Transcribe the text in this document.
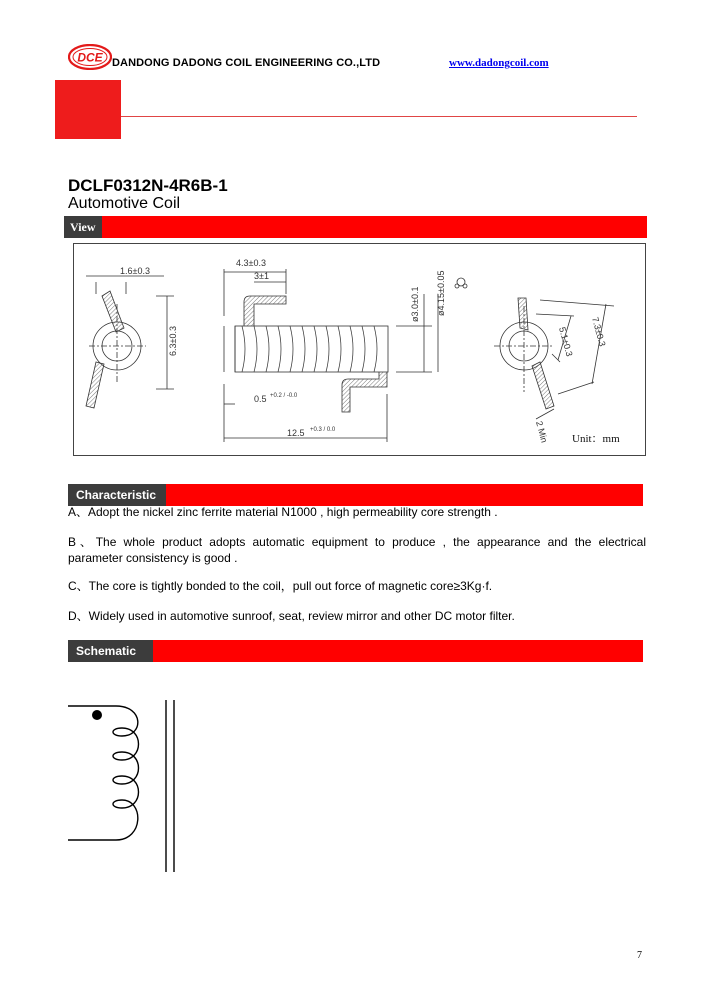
DCE DANDONG DADONG COIL ENGINEERING CO.,LTD	www.dadongcoil.com
DCLF0312N-4R6B-1
Automotive Coil
View
1.6±0.3
6.3±0.3
4.3±0.3
3±1
ø3.0±0.1 ø4.15±0.05
0.5 +0.2 / -0.0
12.5 +0.3 / 0.0
5.1±0.3 7.3±0.3
2 Min Unit：mm
Characteristic
A、Adopt the nickel zinc ferrite material N1000 , high permeability core strength .
B、The whole product adopts automatic equipment to produce , the appearance and the electrical parameter consistency is good .
C、The core is tightly bonded to the coil，pull out force of magnetic core≥3Kg·f.
D、Widely used in automotive sunroof, seat, review mirror and other DC motor filter.
Schematic
7
